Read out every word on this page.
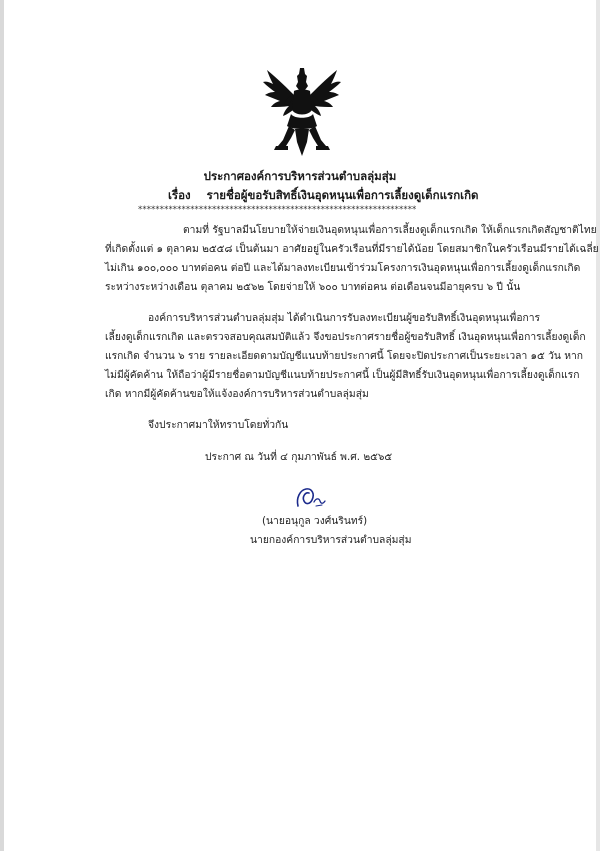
ประกาศองค์การบริหารส่วนตำบลลุ่มสุ่ม
เรื่อง รายชื่อผู้ขอรับสิทธิ์เงินอุดหนุนเพื่อการเลี้ยงดูเด็กแรกเกิด
****************************************************************
ตามที่ รัฐบาลมีนโยบายให้จ่ายเงินอุดหนุนเพื่อการเลี้ยงดูเด็กแรกเกิด ให้เด็กแรกเกิดสัญชาติไทย
ที่เกิดตั้งแต่ ๑ ตุลาคม ๒๕๕๘ เป็นต้นมา อาศัยอยู่ในครัวเรือนที่มีรายได้น้อย โดยสมาชิกในครัวเรือนมีรายได้เฉลี่ย
ไม่เกิน ๑๐๐,๐๐๐ บาทต่อคน ต่อปี และได้มาลงทะเบียนเข้าร่วมโครงการเงินอุดหนุนเพื่อการเลี้ยงดูเด็กแรกเกิด
ระหว่างระหว่างเดือน ตุลาคม ๒๕๖๒ โดยจ่ายให้ ๖๐๐ บาทต่อคน ต่อเดือนจนมีอายุครบ ๖ ปี นั้น
องค์การบริหารส่วนตำบลลุ่มสุ่ม ได้ดำเนินการรับลงทะเบียนผู้ขอรับสิทธิ์เงินอุดหนุนเพื่อการ
เลี้ยงดูเด็กแรกเกิด และตรวจสอบคุณสมบัติแล้ว จึงขอประกาศรายชื่อผู้ขอรับสิทธิ์ เงินอุดหนุนเพื่อการเลี้ยงดูเด็ก
แรกเกิด จำนวน ๖ ราย รายละเอียดตามบัญชีแนบท้ายประกาศนี้ โดยจะปิดประกาศเป็นระยะเวลา ๑๕ วัน หาก
ไม่มีผู้คัดค้าน ให้ถือว่าผู้มีรายชื่อตามบัญชีแนบท้ายประกาศนี้ เป็นผู้มีสิทธิ์รับเงินอุดหนุนเพื่อการเลี้ยงดูเด็กแรก
เกิด หากมีผู้คัดค้านขอให้แจ้งองค์การบริหารส่วนตำบลลุ่มสุ่ม
จึงประกาศมาให้ทราบโดยทั่วกัน
ประกาศ ณ วันที่ ๔ กุมภาพันธ์ พ.ศ. ๒๕๖๕
(นายอนุกูล วงศ์นรินทร์)
นายกองค์การบริหารส่วนตำบลลุ่มสุ่ม
